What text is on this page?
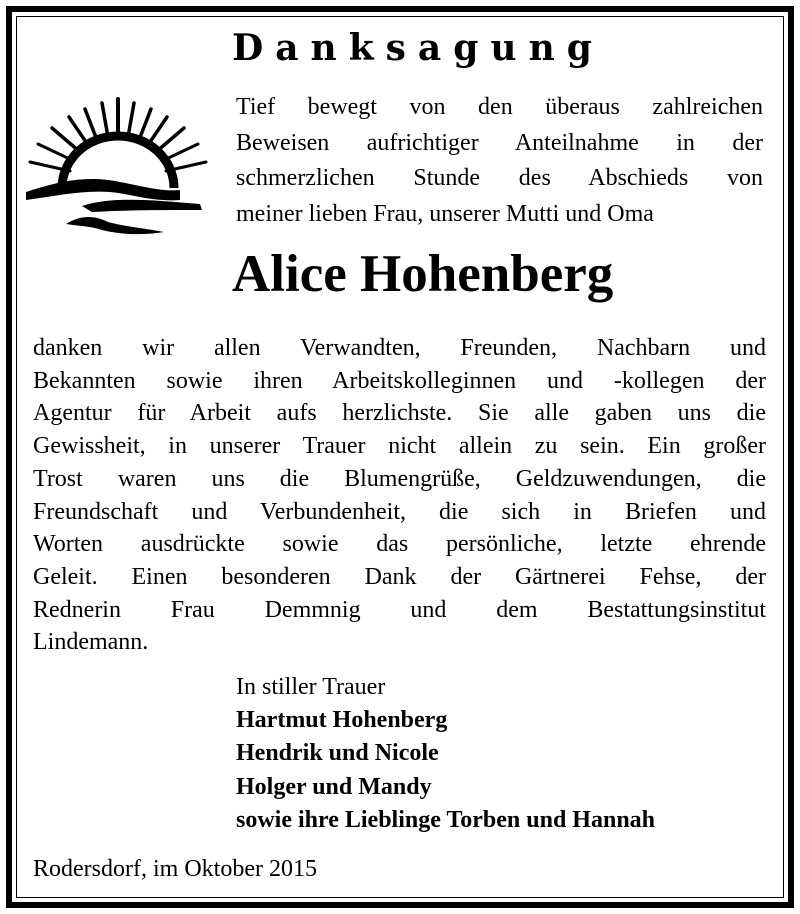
Danksagung
Tief bewegt von den überaus zahlreichen
Beweisen aufrichtiger Anteilnahme in der
schmerzlichen Stunde des Abschieds von
meiner lieben Frau, unserer Mutti und Oma
Alice Hohenberg
danken wir allen Verwandten, Freunden, Nachbarn und
Bekannten sowie ihren Arbeitskolleginnen und -kollegen der
Agentur für Arbeit aufs herzlichste. Sie alle gaben uns die
Gewissheit, in unserer Trauer nicht allein zu sein. Ein großer
Trost waren uns die Blumengrüße, Geldzuwendungen, die
Freundschaft und Verbundenheit, die sich in Briefen und
Worten ausdrückte sowie das persönliche, letzte ehrende
Geleit. Einen besonderen Dank der Gärtnerei Fehse, der
Rednerin Frau Demmnig und dem Bestattungsinstitut
Lindemann.
In stiller Trauer
Hartmut Hohenberg
Hendrik und Nicole
Holger und Mandy
sowie ihre Lieblinge Torben und Hannah
Rodersdorf, im Oktober 2015
